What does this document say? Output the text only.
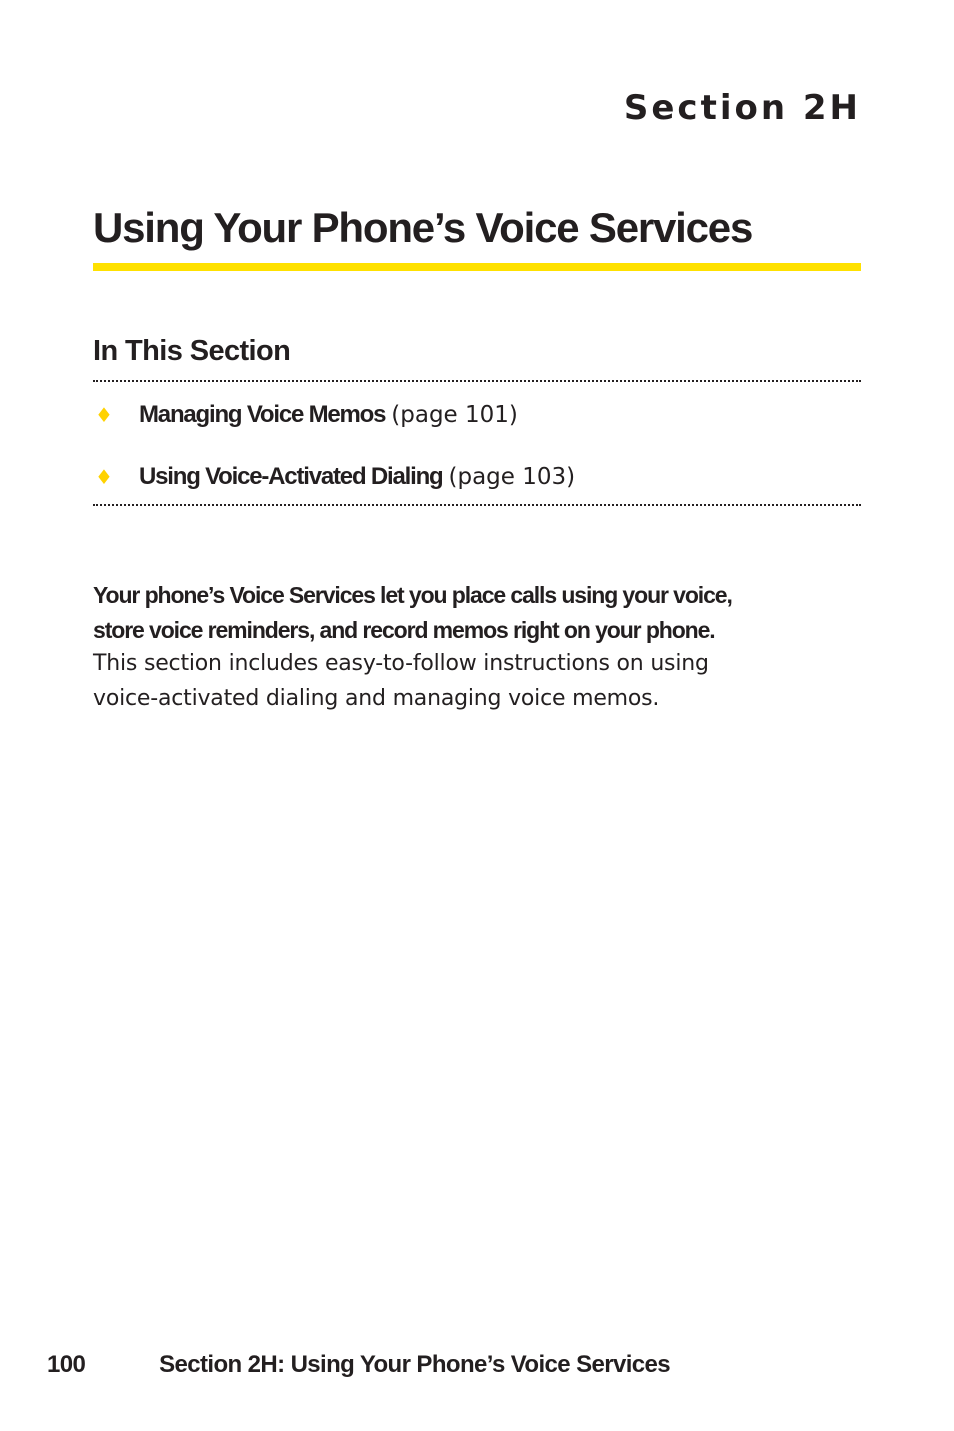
Section 2H
Using Your Phone’s Voice Services
In This Section
♦ Managing Voice Memos (page 101)
♦ Using Voice-Activated Dialing (page 103)
Your phone’s Voice Services let you place calls using your voice,
store voice reminders, and record memos right on your phone.
This section includes easy-to-follow instructions on using
voice-activated dialing and managing voice memos.
100	Section 2H: Using Your Phone’s Voice Services
